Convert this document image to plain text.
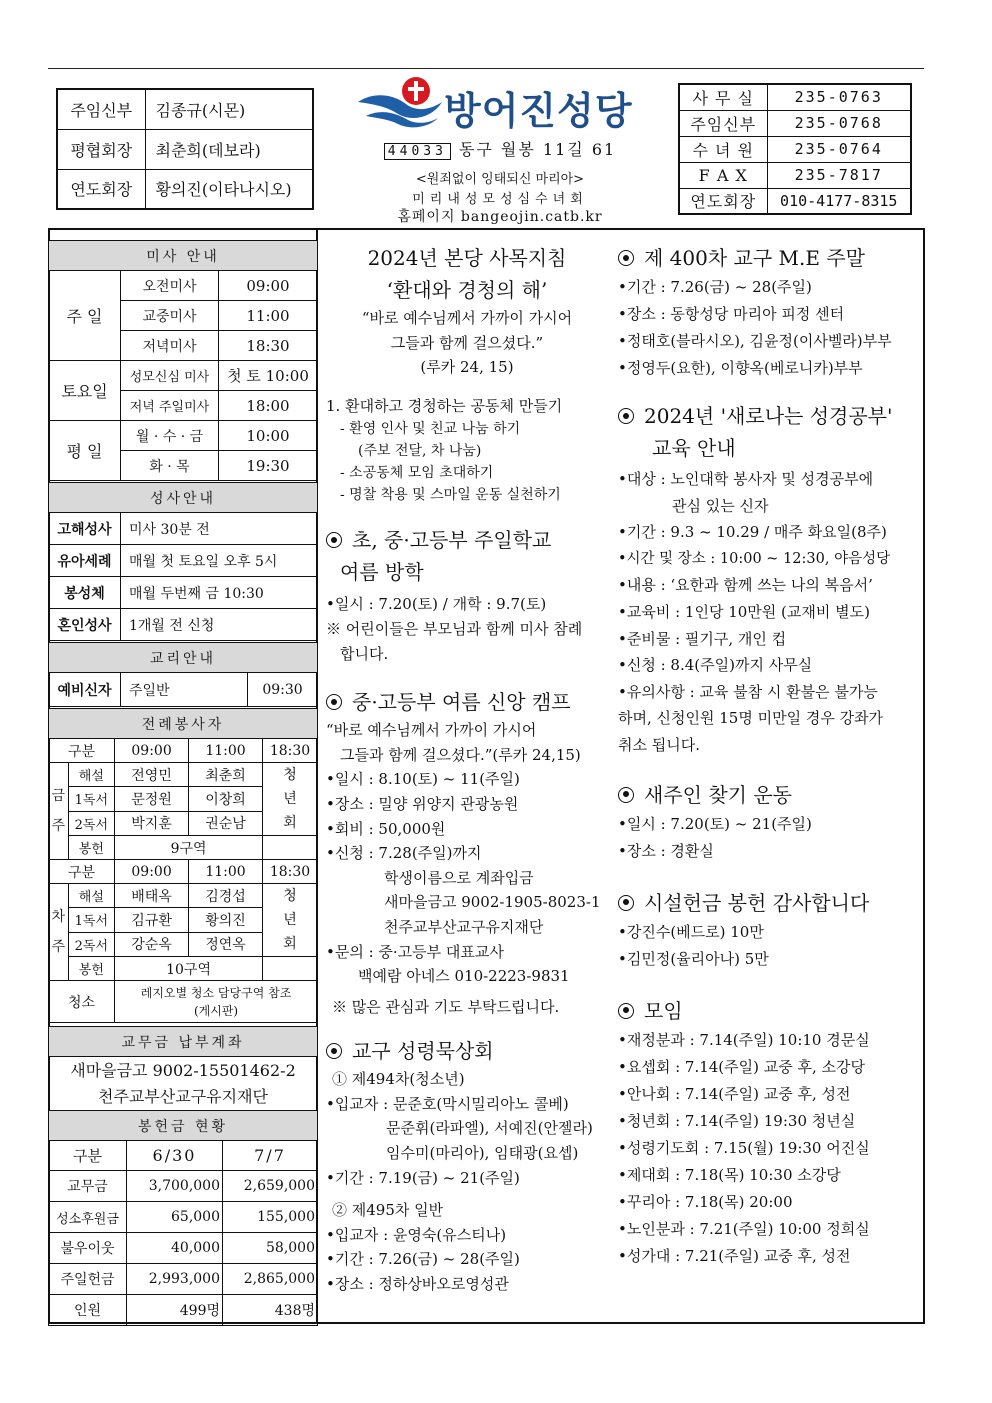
주임신부	김종규(시몬)
평협회장	최춘희(데보라)
연도회장	황의진(이타나시오)
방어진성당
44033 동구 월봉 11길 61
<원죄없이 잉태되신 마리아>
미리내성모성심수녀회
홈페이지 bangeojin.catb.kr
사 무 실	235-0763
주임신부	235-0768
수 녀 원	235-0764
F A X	235-7817
연도회장	010-4177-8315
미사 안내		
주 일	오전미사	09:00
	교중미사	11:00
	저녁미사	18:30
토요일	성모신심 미사	첫 토 10:00
	저녁 주일미사	18:00
평 일	월 · 수 · 금	10:00
	화 · 목	19:30
성사안내	
고해성사	미사 30분 전
유아세례	매월 첫 토요일 오후 5시
봉성체	매월 두번째 금 10:30
혼인성사	1개월 전 신청
교리안내
예비신자	주일반	09:30
전례봉사자				
구분		09:00	11:00	18:30
금주	해설	전영민	최춘희	청년회
	1독서	문정원	이창희	
	2독서	박지훈	권순남	
	봉헌	9구역		
구분		09:00	11:00	18:30
차주	해설	배태옥	김경섭	청년회
	1독서	김규환	황의진	
	2독서	강순옥	정연옥	
	봉헌	10구역		
청소		레지오별 청소 담당구역 참조
(게시판)		
교무금 납부계좌

새마을금고 9002-15501462-2
천주교부산교구유지재단
봉헌금 현황		
구분	6/30	7/7
교무금	3,700,000	2,659,000
성소후원금	65,000	155,000
불우이웃	40,000	58,000
주일헌금	2,993,000	2,865,000
인원	499명	438명
2024년 본당 사목지침
‘환대와 경청의 해’
“바로 예수님께서 가까이 가시어
그들과 함께 걸으셨다.”
(루카 24, 15)
1. 환대하고 경청하는 공동체 만들기
- 환영 인사 및 친교 나눔 하기
(주보 전달, 차 나눔)
- 소공동체 모임 초대하기
- 명찰 착용 및 스마일 운동 실천하기
초, 중·고등부 주일학교
여름 방학
•일시 : 7.20(토) / 개학 : 9.7(토)
※ 어린이들은 부모님과 함께 미사 참례
합니다.
중·고등부 여름 신앙 캠프
“바로 예수님께서 가까이 가시어
그들과 함께 걸으셨다.”(루카 24,15)
•일시 : 8.10(토) ~ 11(주일)
•장소 : 밀양 위양지 관광농원
•회비 : 50,000원
•신청 : 7.28(주일)까지
학생이름으로 계좌입금
새마을금고 9002-1905-8023-1
천주교부산교구유지재단
•문의 : 중·고등부 대표교사
백예람 아네스 010-2223-9831
※ 많은 관심과 기도 부탁드립니다.
교구 성령묵상회
① 제494차(청소년)
•입교자 : 문준호(막시밀리아노 콜베)
문준휘(라파엘), 서예진(안젤라)
임수미(마리아), 임태광(요셉)
•기간 : 7.19(금) ~ 21(주일)
② 제495차 일반
•입교자 : 윤영숙(유스티나)
•기간 : 7.26(금) ~ 28(주일)
•장소 : 정하상바오로영성관
제 400차 교구 M.E 주말
•기간 : 7.26(금) ~ 28(주일)
•장소 : 동항성당 마리아 피정 센터
•정태호(블라시오), 김윤정(이사벨라)부부
•정영두(요한), 이향옥(베로니카)부부
2024년 '새로나는 성경공부'
교육 안내
•대상 : 노인대학 봉사자 및 성경공부에
관심 있는 신자
•기간 : 9.3 ~ 10.29 / 매주 화요일(8주)
•시간 및 장소 : 10:00 ~ 12:30, 야음성당
•내용 : ‘요한과 함께 쓰는 나의 복음서’
•교육비 : 1인당 10만원 (교재비 별도)
•준비물 : 필기구, 개인 컵
•신청 : 8.4(주일)까지 사무실
•유의사항 : 교육 불참 시 환불은 불가능
하며, 신청인원 15명 미만일 경우 강좌가
취소 됩니다.
새주인 찾기 운동
•일시 : 7.20(토) ~ 21(주일)
•장소 : 경환실
시설헌금 봉헌 감사합니다
•강진수(베드로) 10만
•김민정(율리아나) 5만
모임
•재정분과 : 7.14(주일) 10:10 경문실
•요셉회 : 7.14(주일) 교중 후, 소강당
•안나회 : 7.14(주일) 교중 후, 성전
•청년회 : 7.14(주일) 19:30 청년실
•성령기도회 : 7.15(월) 19:30 어진실
•제대회 : 7.18(목) 10:30 소강당
•꾸리아 : 7.18(목) 20:00
•노인분과 : 7.21(주일) 10:00 정희실
•성가대 : 7.21(주일) 교중 후, 성전
